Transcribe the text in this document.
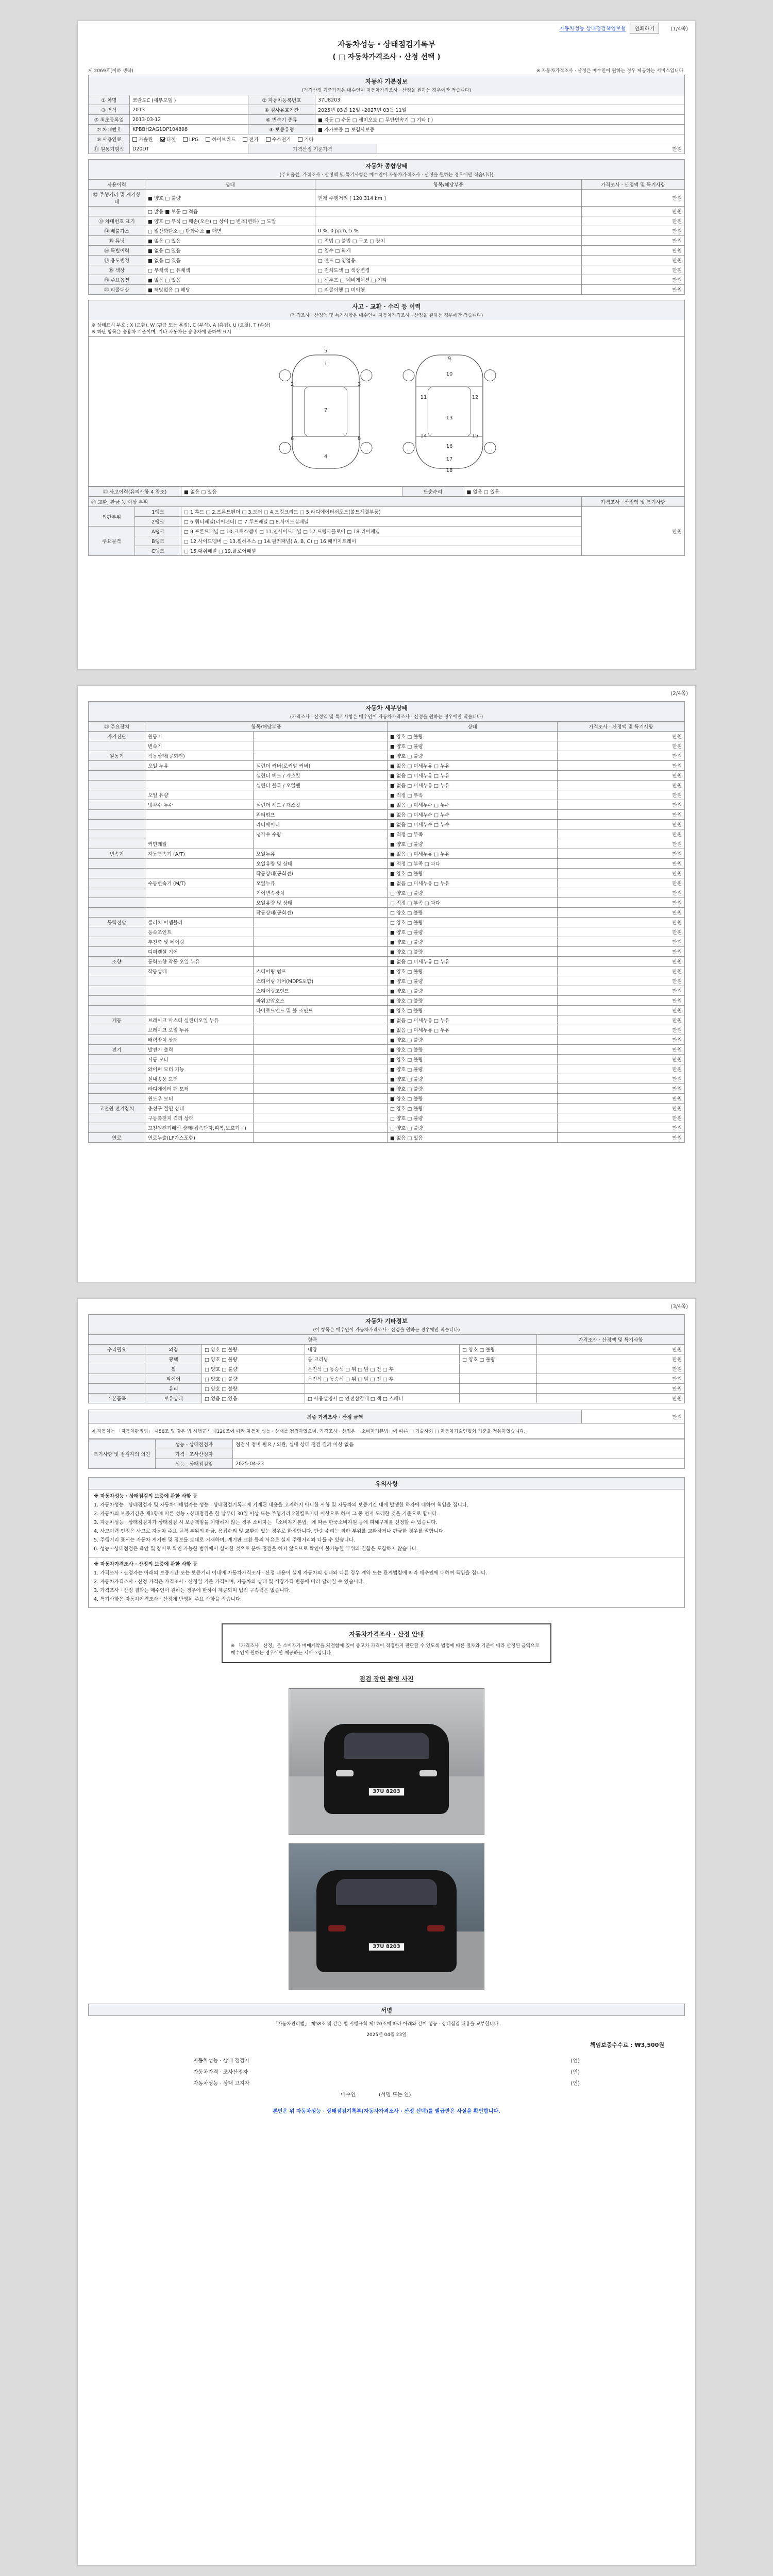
자동차성능 상태점검책임보험	인쇄하기	(1/4쪽)
자동차성능 · 상태점검기록부
( □ 자동차가격조사 · 산정 선택 )
제 2069호(이하 생략)	※ 자동차가격조사 · 산정은 매수인이 원하는 경우 제공하는 서비스입니다.
자동차 기본정보
(가격산정 기준가격은 매수인이 자동차가격조사 · 산정을 원하는 경우에만 적습니다)
① 차명	코란도C (세부모델 )	② 자동차등록번호	37U8203	
③ 연식	2013	④ 검사유효기간	2025년 03월 12일~2027년 03월 11일	
⑤ 최초등록일	2013-03-12	⑥ 변속기 종류	■ 자동 □ 수동 □ 세미오토 □ 무단변속기 □ 기타 ( )	
⑦ 차대번호	KPBBH2AG1DP104898	⑧ 보증유형	■ 자가보증 □ 보험사보증	
⑨ 사용연료	가솔린 디젤 LPG 하이브리드 전기 수소전기 기타			
⑪ 원동기형식	D20DT	가격산정 기준가격		만원
자동차 종합상태
(주요옵션, 가격조사 · 산정액 및 특기사항은 매수인이 자동차가격조사 · 산정을 원하는 경우에만 적습니다)
사용이력	상태	항목/해당부품	가격조사 · 산정액 및 특기사항
⑫ 주행거리 및 계기상태	■ 양호 □ 불량	현재 주행거리 [ 120,314 km ]	만원
	□ 많음 ■ 보통 □ 적음		만원
⑬ 차대번호 표기	■ 양호 □ 부식 □ 훼손(오손) □ 상이 □ 변조(변타) □ 도말		만원
⑭ 배출가스	□ 일산화탄소 □ 탄화수소 ■ 매연	0 %, 0 ppm, 5 %	만원
⑮ 튜닝	■ 없음 □ 있음	□ 적법 □ 불법 □ 구조 □ 장치	만원
⑯ 특별이력	■ 없음 □ 있음	□ 침수 □ 화재	만원
⑰ 용도변경	■ 없음 □ 있음	□ 렌트 □ 영업용	만원
⑱ 색상	□ 무채색 □ 유채색	□ 전체도색 □ 색상변경	만원
⑲ 주요옵션	■ 없음 □ 있음	□ 선루프 □ 네비게이션 □ 기타	만원
⑳ 리콜대상	■ 해당없음 □ 해당	□ 리콜이행 □ 미이행	만원
사고 · 교환 · 수리 등 이력
(가격조사 · 산정액 및 특기사항은 매수인이 자동차가격조사 · 산정을 원하는 경우에만 적습니다)
※ 상태표시 부호 : X (교환), W (판금 또는 용접), C (부식), A (흠집), U (요철), T (손상)
※ 하단 항목은 승용차 기준이며, 기타 자동차는 승용차에 준하여 표시
1
2	3
4
5
6
7
8
9
10
11	12
13
14	15
16
17
18
㉑ 사고이력(유의사항 4 참조)	■ 없음 □ 있음	단순수리	■ 없음 □ 있음
㉒ 교환, 판금 등 이상 부위			가격조사 · 산정액 및 특기사항
외판부위	1랭크	□ 1.후드 □ 2.프론트펜더 □ 3.도어 □ 4.트렁크리드 □ 5.라디에이터서포트(볼트체결부품)	만원
	2랭크	□ 6.쿼터패널(리어펜더) □ 7.루프패널 □ 8.사이드실패널	
주요골격	A랭크	□ 9.프론트패널 □ 10.크로스멤버 □ 11.인사이드패널 □ 17.트렁크플로어 □ 18.리어패널	
	B랭크	□ 12.사이드멤버 □ 13.휠하우스 □ 14.필러패널( A, B, C) □ 16.패키지트레이	
	C랭크	□ 15.대쉬패널 □ 19.플로어패널	
(2/4쪽)
자동차 세부상태
(가격조사 · 산정액 및 특기사항은 매수인이 자동차가격조사 · 산정을 원하는 경우에만 적습니다)
㉓ 주요장치	항목/해당부품		상태	가격조사 · 산정액 및 특기사항
자기진단	원동기		■ 양호 □ 불량	만원
	변속기		■ 양호 □ 불량	만원
원동기	작동상태(공회전)		■ 양호 □ 불량	만원
	오일 누유	실린더 커버(로커암 커버)	■ 없음 □ 미세누유 □ 누유	만원
		실린더 헤드 / 개스킷	■ 없음 □ 미세누유 □ 누유	만원
		실린더 블록 / 오일팬	■ 없음 □ 미세누유 □ 누유	만원
	오일 유량		■ 적정 □ 부족	만원
	냉각수 누수	실린더 헤드 / 개스킷	■ 없음 □ 미세누수 □ 누수	만원
		워터펌프	■ 없음 □ 미세누수 □ 누수	만원
		라디에이터	■ 없음 □ 미세누수 □ 누수	만원
		냉각수 수량	■ 적정 □ 부족	만원
	커먼레일		■ 양호 □ 불량	만원
변속기	자동변속기 (A/T)	오일누유	■ 없음 □ 미세누유 □ 누유	만원
		오일유량 및 상태	■ 적정 □ 부족 □ 과다	만원
		작동상태(공회전)	■ 양호 □ 불량	만원
	수동변속기 (M/T)	오일누유	■ 없음 □ 미세누유 □ 누유	만원
		기어변속장치	□ 양호 □ 불량	만원
		오일유량 및 상태	□ 적정 □ 부족 □ 과다	만원
		작동상태(공회전)	□ 양호 □ 불량	만원
동력전달	클러치 어셈블리		□ 양호 □ 불량	만원
	등속조인트		■ 양호 □ 불량	만원
	추진축 및 베어링		■ 양호 □ 불량	만원
	디퍼렌셜 기어		■ 양호 □ 불량	만원
조향	동력조향 작동 오일 누유		■ 없음 □ 미세누유 □ 누유	만원
	작동상태	스티어링 펌프	■ 양호 □ 불량	만원
		스티어링 기어(MDPS포함)	■ 양호 □ 불량	만원
		스티어링조인트	■ 양호 □ 불량	만원
		파워고압호스	■ 양호 □ 불량	만원
		타이로드엔드 및 볼 조인트	■ 양호 □ 불량	만원
제동	브레이크 마스터 실린더오일 누유		■ 없음 □ 미세누유 □ 누유	만원
	브레이크 오일 누유		■ 없음 □ 미세누유 □ 누유	만원
	배력장치 상태		■ 양호 □ 불량	만원
전기	발전기 출력		■ 양호 □ 불량	만원
	시동 모터		■ 양호 □ 불량	만원
	와이퍼 모터 기능		■ 양호 □ 불량	만원
	실내송풍 모터		■ 양호 □ 불량	만원
	라디에이터 팬 모터		■ 양호 □ 불량	만원
	윈도우 모터		■ 양호 □ 불량	만원
고전원 전기장치	충전구 절연 상태		□ 양호 □ 불량	만원
	구동축전지 격리 상태		□ 양호 □ 불량	만원
	고전원전기배선 상태(접속단자,피복,보호기구)		□ 양호 □ 불량	만원
연료	연료누출(LP가스포함)		■ 없음 □ 있음	만원
(3/4쪽)
자동차 기타정보
(이 항목은 매수인이 자동차가격조사 · 산정을 원하는 경우에만 적습니다)
항목					가격조사 · 산정액 및 특기사항
수리필요	외장	□ 양호 □ 불량	내장	□ 양호 □ 불량	만원
	광택	□ 양호 □ 불량	룸 크리닝	□ 양호 □ 불량	만원
	휠	□ 양호 □ 불량	운전석 □ 동승석 □ 뒤 □ 앞 □ 전 □ 후		만원
	타이어	□ 양호 □ 불량	운전석 □ 동승석 □ 뒤 □ 앞 □ 전 □ 후		만원
	유리	□ 양호 □ 불량			만원
기본품목	보유상태	□ 없음 □ 있음	□ 사용설명서 □ 안전삼각대 □ 잭 □ 스패너		만원
최종 가격조사 · 산정 금액	만원
이 자동차는 「자동차관리법」 제58조 및 같은 법 시행규칙 제120조에 따라 자동차 성능 · 상태를 점검하였으며, 가격조사 · 산정은 「소비자기본법」에 따른 □ 기술사회 □ 자동차기술인협회 기준을 적용하였습니다.
특기사항 및 점검자의 의견	성능 · 상태점검자	점검시 정비 필요 / 외관, 실내 상태 점검 결과 이상 없음
	가격 · 조사산정자	
	성능 · 상태점검일	2025-04-23
유의사항

※ 자동차성능 · 상태점검의 보증에 관한 사항 등

1. 자동차성능 · 상태점검자 및 자동차매매업자는 성능 · 상태점검기록부에 기재된 내용을 고지하지 아니한 사항 및 자동차의 보증기간 내에 발생한 하자에 대하여 책임을 집니다.

2. 자동차의 보증기간은 제1항에 따른 성능 · 상태점검을 한 날부터 30일 이상 또는 주행거리 2천킬로미터 이상으로 하며 그 중 먼저 도래한 것을 기준으로 합니다.

3. 자동차성능 · 상태점검자가 상태점검 시 보증책임을 이행하지 않는 경우 소비자는 「소비자기본법」에 따른 한국소비자원 등에 피해구제를 신청할 수 있습니다.

4. 사고이력 인정은 사고로 자동차 주요 골격 부위의 판금, 용접수리 및 교환이 있는 경우로 한정합니다. 단순 수리는 외판 부위를 교환하거나 판금한 경우를 말합니다.

5. 주행거리 표시는 자동차 계기판 및 정보를 토대로 기재하며, 계기판 교환 등의 사유로 실제 주행거리와 다를 수 있습니다.

6. 성능 · 상태점검은 육안 및 장비로 확인 가능한 범위에서 실시한 것으로 분해 점검을 하지 않으므로 확인이 불가능한 부위의 결함은 포함하지 않습니다.

※ 자동차가격조사 · 산정의 보증에 관한 사항 등

1. 가격조사 · 산정자는 아래의 보증기간 또는 보증거리 이내에 자동차가격조사 · 산정 내용이 실제 자동차의 상태와 다른 경우 계약 또는 관계법령에 따라 매수인에 대하여 책임을 집니다.

2. 자동차가격조사 · 산정 가격은 가격조사 · 산정일 기준 가격이며, 자동차의 상태 및 시장가격 변동에 따라 달라질 수 있습니다.

3. 가격조사 · 산정 결과는 매수인이 원하는 경우에 한하여 제공되며 법적 구속력은 없습니다.

4. 특기사항은 자동차가격조사 · 산정에 반영된 주요 사항을 적습니다.

자동차가격조사 · 산정 안내
※ 「가격조사 · 산정」은 소비자가 매매계약을 체결함에 있어 중고차 가격이 적정한지 판단할 수 있도록 법령에 따른 절차와 기준에 따라 산정된 금액으로 매수인이 원하는 경우에만 제공하는 서비스입니다.
점검 장면 촬영 사진
37U 8203
37U 8203
서명
「자동차관리법」 제58조 및 같은 법 시행규칙 제120조에 따라 아래와 같이 성능 · 상태점검 내용을 교부합니다.
2025년 04월 23일
책임보증수수료 : ₩3,500원
자동차성능 · 상태 점검자	(인)
자동차가격 · 조사산정자	(인)
자동차성능 · 상태 고지자	(인)
매수인	(서명 또는 인)
본인은 위 자동차성능 · 상태점검기록부(자동차가격조사 · 산정 선택)를 발급받은 사실을 확인합니다.
